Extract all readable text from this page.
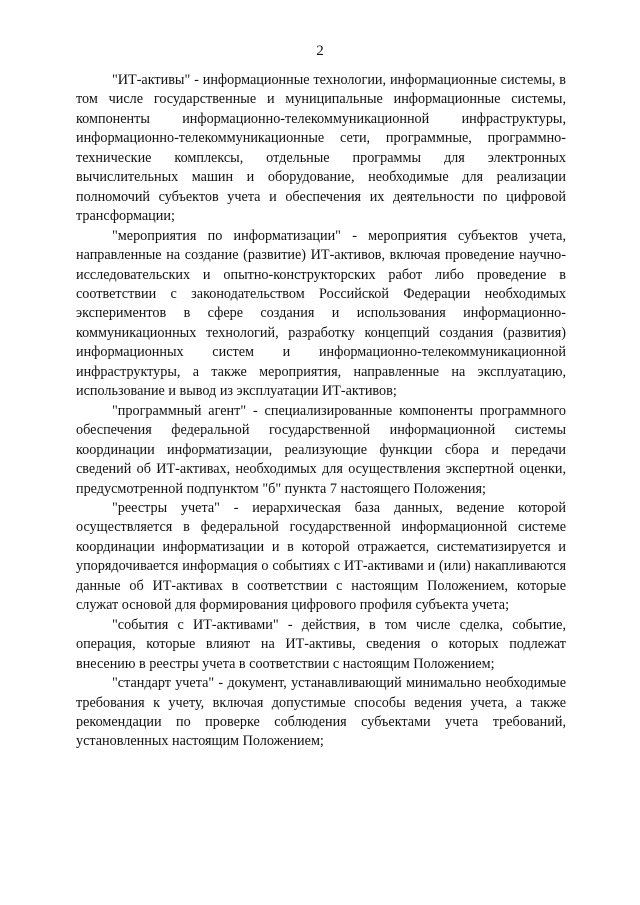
2

"ИТ-активы" - информационные технологии, информационные системы, в том числе государственные и муниципальные информационные системы, компоненты информационно-телекоммуникационной инфраструктуры, информационно-телекоммуникационные сети, программные, программно-технические комплексы, отдельные программы для электронных вычислительных машин и оборудование, необходимые для реализации полномочий субъектов учета и обеспечения их деятельности по цифровой трансформации;

"мероприятия по информатизации" - мероприятия субъектов учета, направленные на создание (развитие) ИТ-активов, включая проведение научно-исследовательских и опытно-конструкторских работ либо проведение в соответствии с законодательством Российской Федерации необходимых экспериментов в сфере создания и использования информационно-коммуникационных технологий, разработку концепций создания (развития) информационных систем и информационно-телекоммуникационной инфраструктуры, а также мероприятия, направленные на эксплуатацию, использование и вывод из эксплуатации ИТ-активов;

"программный агент" - специализированные компоненты программного обеспечения федеральной государственной информационной системы координации информатизации, реализующие функции сбора и передачи сведений об ИТ-активах, необходимых для осуществления экспертной оценки, предусмотренной подпунктом "б" пункта 7 настоящего Положения;

"реестры учета" - иерархическая база данных, ведение которой осуществляется в федеральной государственной информационной системе координации информатизации и в которой отражается, систематизируется и упорядочивается информация о событиях с ИТ-активами и (или) накапливаются данные об ИТ-активах в соответствии с настоящим Положением, которые служат основой для формирования цифрового профиля субъекта учета;

"события с ИТ-активами" - действия, в том числе сделка, событие, операция, которые влияют на ИТ-активы, сведения о которых подлежат внесению в реестры учета в соответствии с настоящим Положением;

"стандарт учета" - документ, устанавливающий минимально необходимые требования к учету, включая допустимые способы ведения учета, а также рекомендации по проверке соблюдения субъектами учета требований, установленных настоящим Положением;
